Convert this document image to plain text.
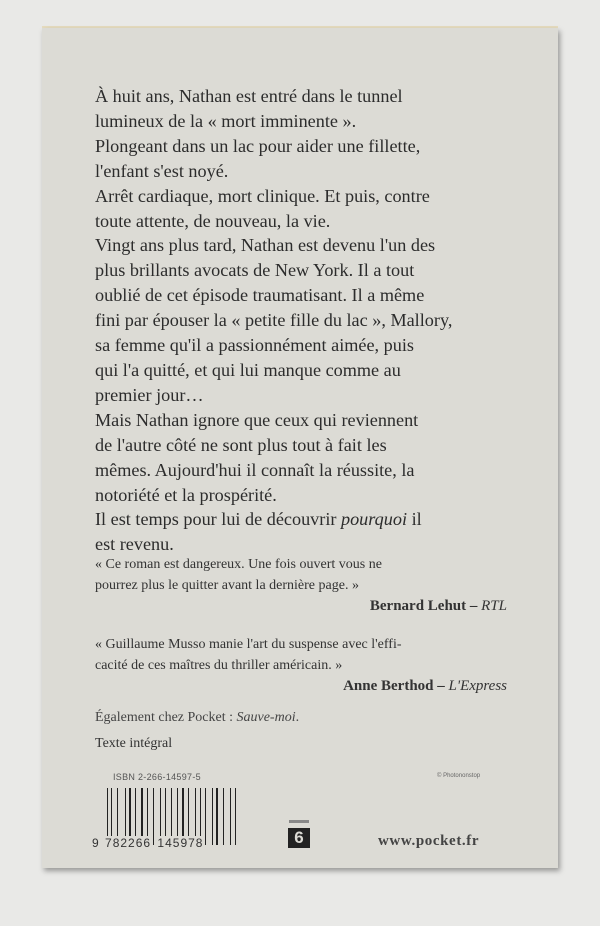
À huit ans, Nathan est entré dans le tunnel
lumineux de la « mort imminente ».
Plongeant dans un lac pour aider une fillette,
l'enfant s'est noyé.
Arrêt cardiaque, mort clinique. Et puis, contre
toute attente, de nouveau, la vie.
Vingt ans plus tard, Nathan est devenu l'un des
plus brillants avocats de New York. Il a tout
oublié de cet épisode traumatisant. Il a même
fini par épouser la « petite fille du lac », Mallory,
sa femme qu'il a passionnément aimée, puis
qui l'a quitté, et qui lui manque comme au
premier jour…
Mais Nathan ignore que ceux qui reviennent
de l'autre côté ne sont plus tout à fait les
mêmes. Aujourd'hui il connaît la réussite, la
notoriété et la prospérité.
Il est temps pour lui de découvrir pourquoi il
est revenu.
« Ce roman est dangereux. Une fois ouvert vous ne
pourrez plus le quitter avant la dernière page. »
Bernard Lehut – RTL
« Guillaume Musso manie l'art du suspense avec l'effi-
cacité de ces maîtres du thriller américain. »
Anne Berthod – L'Express
Également chez Pocket : Sauve-moi.
Texte intégral
ISBN 2-266-14597-5	© Photononstop
9 782266 145978	6	www.pocket.fr
